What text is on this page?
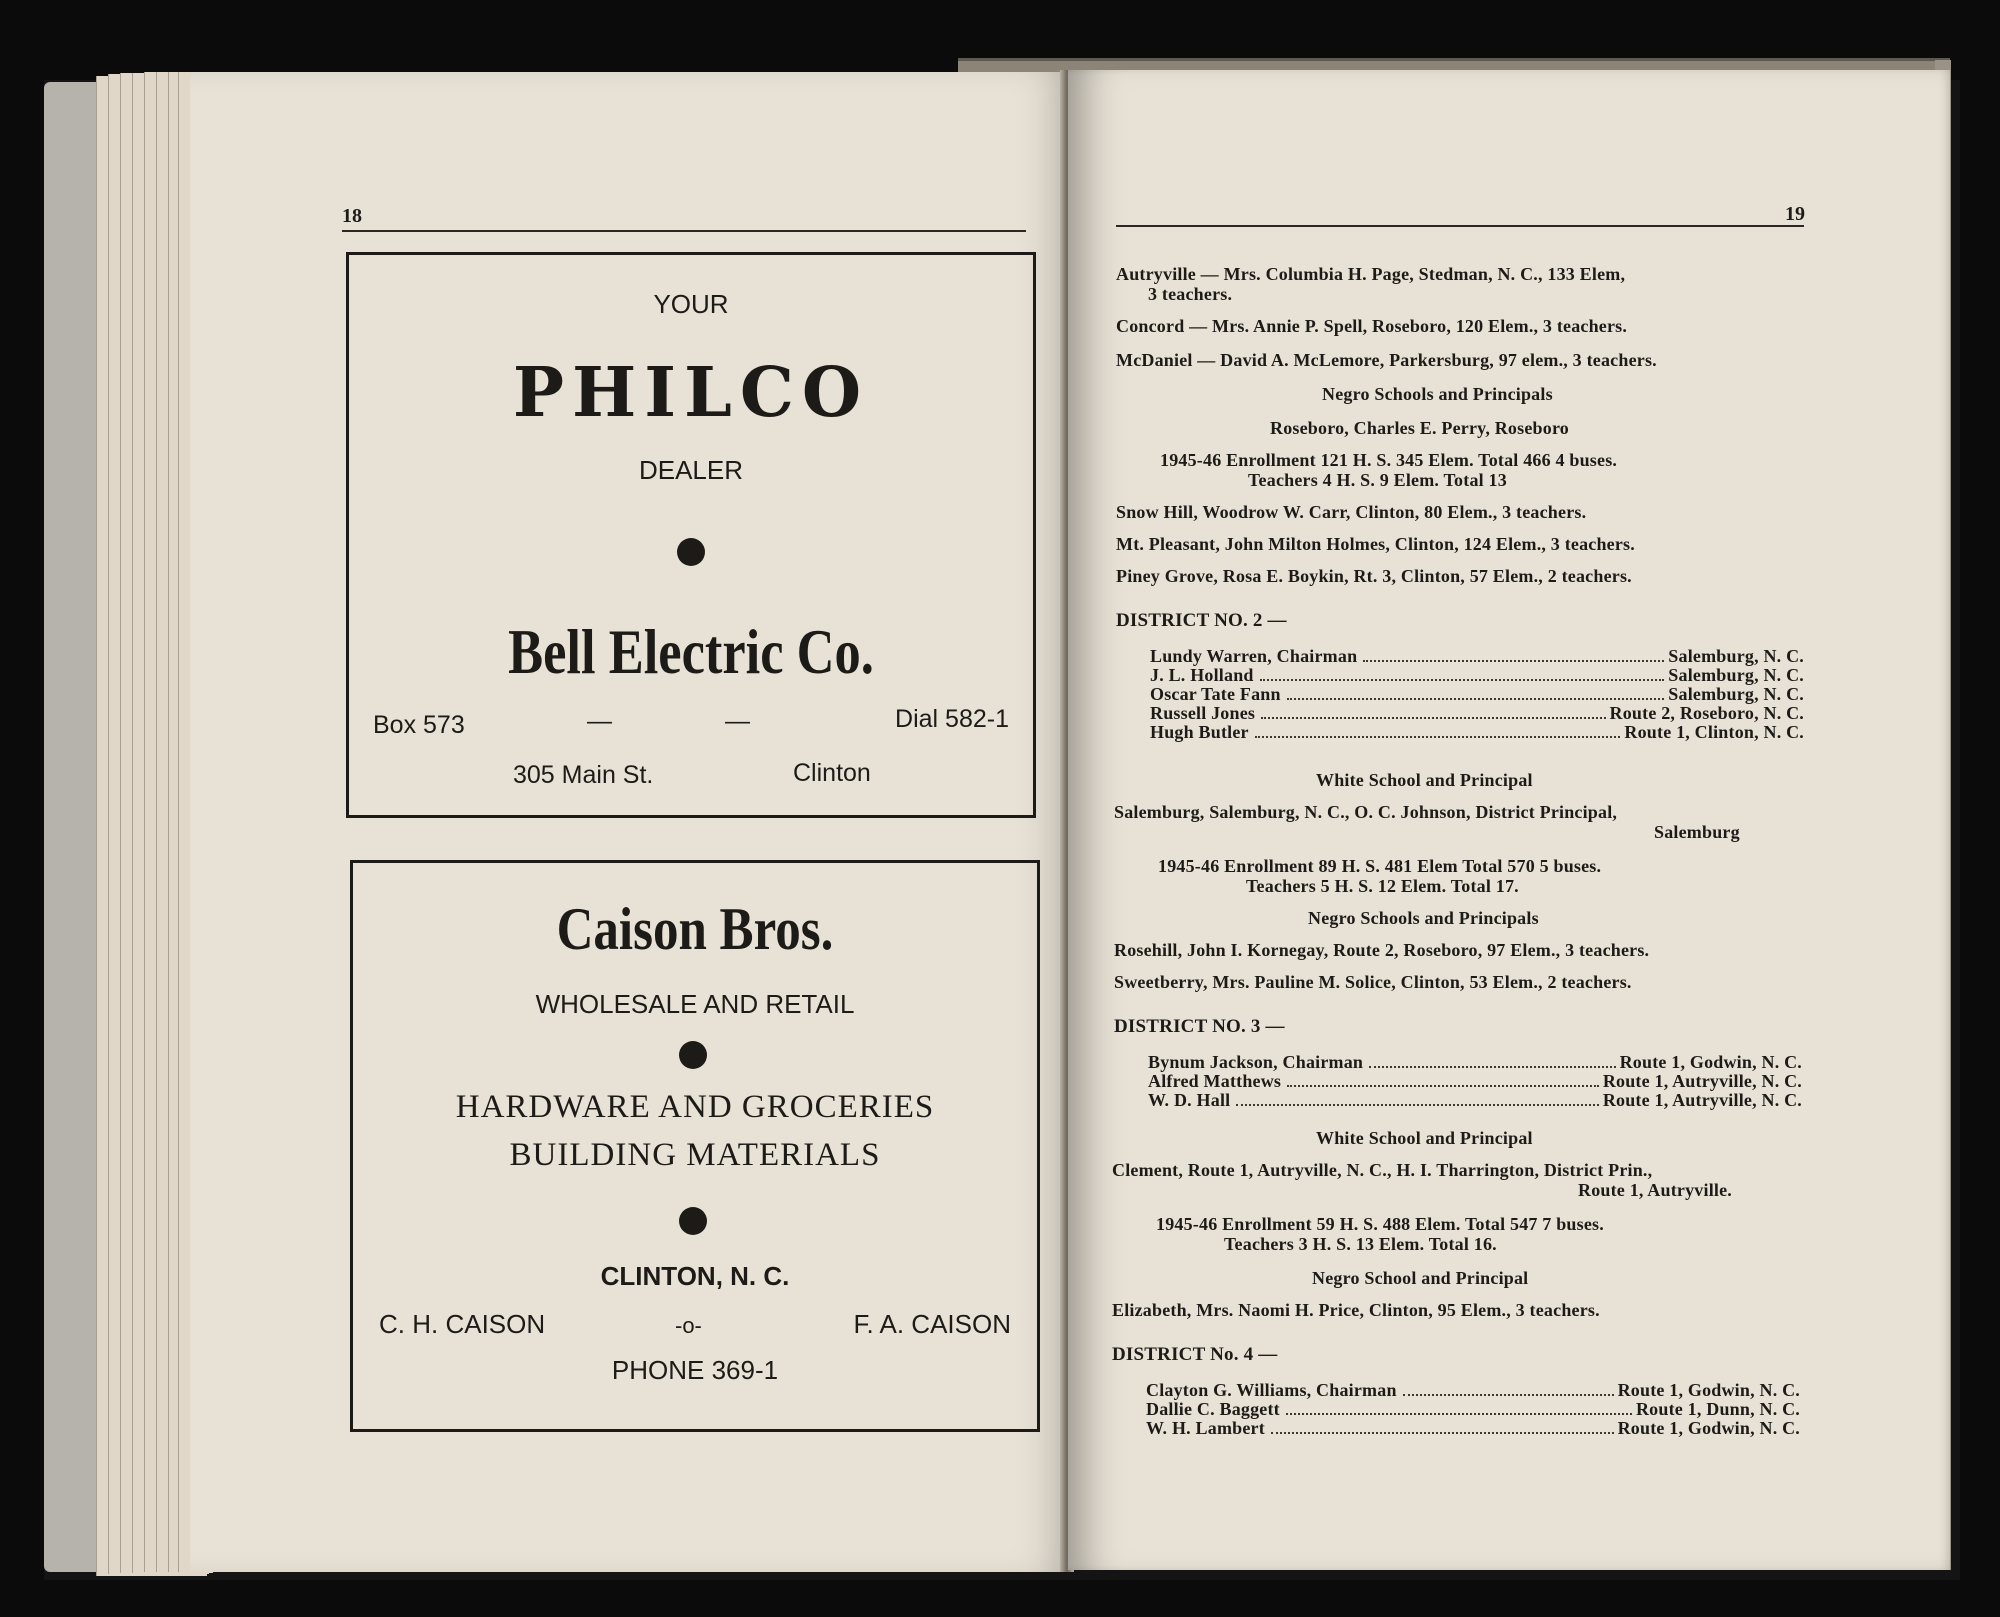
18
YOUR
PHILCO
DEALER
Bell Electric Co.
Box 573	—	—	Dial 582-1
305 Main St.	Clinton
Caison Bros.
WHOLESALE AND RETAIL
HARDWARE AND GROCERIES
BUILDING MATERIALS
CLINTON, N. C.
C. H. CAISON	-o-	F. A. CAISON
PHONE 369-1
19
Autryville — Mrs. Columbia H. Page, Stedman, N. C., 133 Elem,
3 teachers.
Concord — Mrs. Annie P. Spell, Roseboro, 120 Elem., 3 teachers.
McDaniel — David A. McLemore, Parkersburg, 97 elem., 3 teachers.
Negro Schools and Principals
Roseboro, Charles E. Perry, Roseboro
1945-46 Enrollment 121 H. S. 345 Elem. Total 466 4 buses.
Teachers 4 H. S. 9 Elem. Total 13
Snow Hill, Woodrow W. Carr, Clinton, 80 Elem., 3 teachers.
Mt. Pleasant, John Milton Holmes, Clinton, 124 Elem., 3 teachers.
Piney Grove, Rosa E. Boykin, Rt. 3, Clinton, 57 Elem., 2 teachers.
DISTRICT NO. 2 —
Lundy Warren, Chairman	Salemburg, N. C.
J. L. Holland	Salemburg, N. C.
Oscar Tate Fann	Salemburg, N. C.
Russell Jones	Route 2, Roseboro, N. C.
Hugh Butler	Route 1, Clinton, N. C.
White School and Principal
Salemburg, Salemburg, N. C., O. C. Johnson, District Principal,
Salemburg
1945-46 Enrollment 89 H. S. 481 Elem Total 570 5 buses.
Teachers 5 H. S. 12 Elem. Total 17.
Negro Schools and Principals
Rosehill, John I. Kornegay, Route 2, Roseboro, 97 Elem., 3 teachers.
Sweetberry, Mrs. Pauline M. Solice, Clinton, 53 Elem., 2 teachers.
DISTRICT NO. 3 —
Bynum Jackson, Chairman	Route 1, Godwin, N. C.
Alfred Matthews	Route 1, Autryville, N. C.
W. D. Hall	Route 1, Autryville, N. C.
White School and Principal
Clement, Route 1, Autryville, N. C., H. I. Tharrington, District Prin.,
Route 1, Autryville.
1945-46 Enrollment 59 H. S. 488 Elem. Total 547 7 buses.
Teachers 3 H. S. 13 Elem. Total 16.
Negro School and Principal
Elizabeth, Mrs. Naomi H. Price, Clinton, 95 Elem., 3 teachers.
DISTRICT No. 4 —
Clayton G. Williams, Chairman	Route 1, Godwin, N. C.
Dallie C. Baggett	Route 1, Dunn, N. C.
W. H. Lambert	Route 1, Godwin, N. C.
